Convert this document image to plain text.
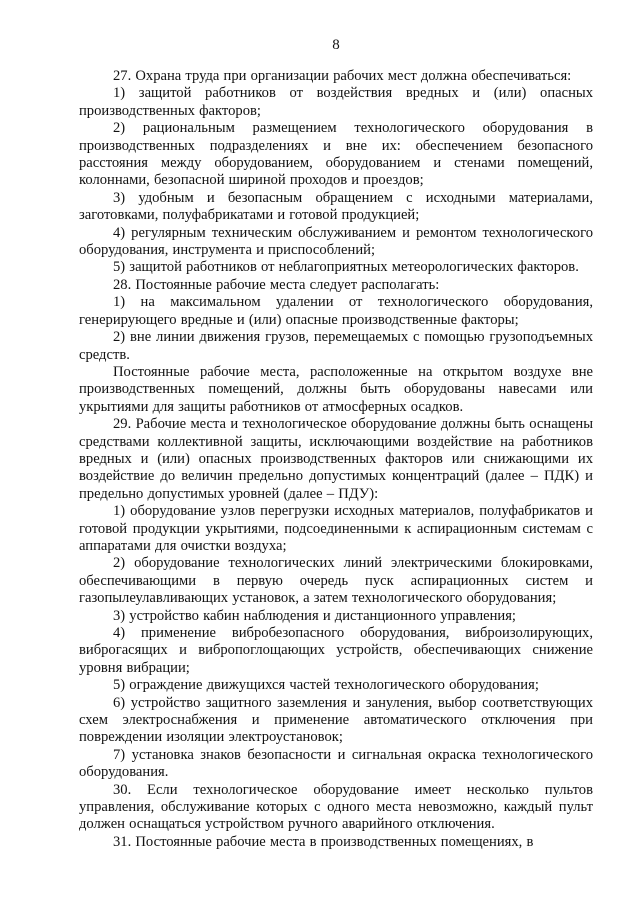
8

27. Охрана труда при организации рабочих мест должна обеспечиваться:

1) защитой работников от воздействия вредных и (или) опасных производственных факторов;

2) рациональным размещением технологического оборудования в производственных подразделениях и вне их: обеспечением безопасного расстояния между оборудованием, оборудованием и стенами помещений, колоннами, безопасной шириной проходов и проездов;

3) удобным и безопасным обращением с исходными материалами, заготовками, полуфабрикатами и готовой продукцией;

4) регулярным техническим обслуживанием и ремонтом технологического оборудования, инструмента и приспособлений;

5) защитой работников от неблагоприятных метеорологических факторов.

28. Постоянные рабочие места следует располагать:

1) на максимальном удалении от технологического оборудования, генерирующего вредные и (или) опасные производственные факторы;

2) вне линии движения грузов, перемещаемых с помощью грузоподъемных средств.

Постоянные рабочие места, расположенные на открытом воздухе вне производственных помещений, должны быть оборудованы навесами или укрытиями для защиты работников от атмосферных осадков.

29. Рабочие места и технологическое оборудование должны быть оснащены средствами коллективной защиты, исключающими воздействие на работников вредных и (или) опасных производственных факторов или снижающими их воздействие до величин предельно допустимых концентраций (далее – ПДК) и предельно допустимых уровней (далее – ПДУ):

1) оборудование узлов перегрузки исходных материалов, полуфабрикатов и готовой продукции укрытиями, подсоединенными к аспирационным системам с аппаратами для очистки воздуха;

2) оборудование технологических линий электрическими блокировками, обеспечивающими в первую очередь пуск аспирационных систем и газопылеулавливающих установок, а затем технологического оборудования;

3) устройство кабин наблюдения и дистанционного управления;

4) применение вибробезопасного оборудования, виброизолирующих, виброгасящих и вибропоглощающих устройств, обеспечивающих снижение уровня вибрации;

5) ограждение движущихся частей технологического оборудования;

6) устройство защитного заземления и зануления, выбор соответствующих схем электроснабжения и применение автоматического отключения при повреждении изоляции электроустановок;

7) установка знаков безопасности и сигнальная окраска технологического оборудования.

30. Если технологическое оборудование имеет несколько пультов управления, обслуживание которых с одного места невозможно, каждый пульт должен оснащаться устройством ручного аварийного отключения.

31. Постоянные рабочие места в производственных помещениях, в
